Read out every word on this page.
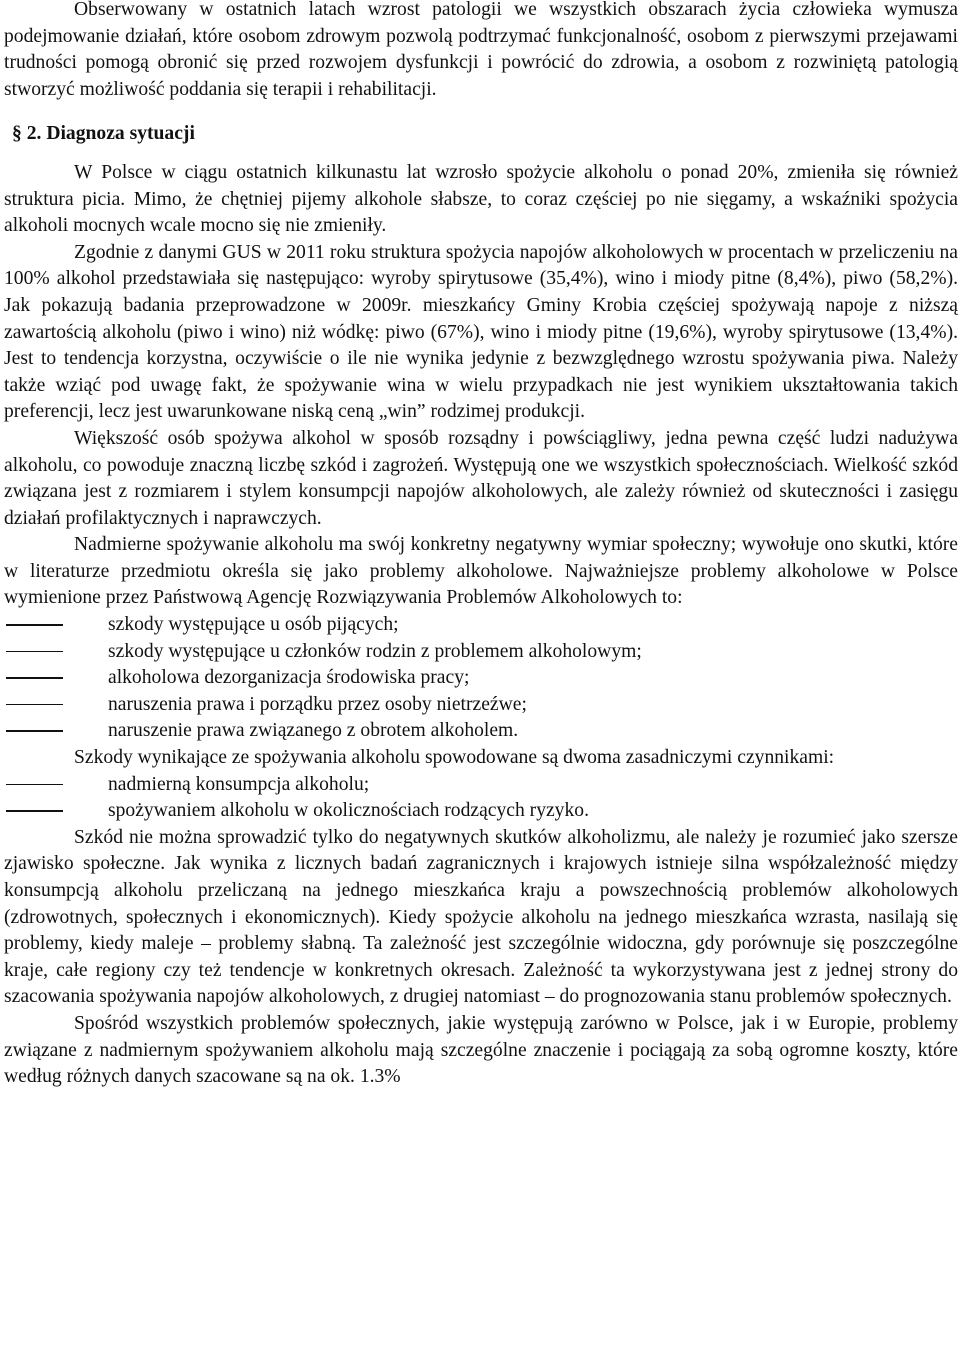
Obserwowany w ostatnich latach wzrost patologii we wszystkich obszarach życia człowieka wymusza podejmowanie działań, które osobom zdrowym pozwolą podtrzymać funkcjonalność, osobom z pierwszymi przejawami trudności pomogą obronić się przed rozwojem dysfunkcji i powrócić do zdrowia, a osobom z rozwiniętą patologią stworzyć możliwość poddania się terapii i rehabilitacji.

§ 2. Diagnoza sytuacji

W Polsce w ciągu ostatnich kilkunastu lat wzrosło spożycie alkoholu o ponad 20%, zmieniła się również struktura picia. Mimo, że chętniej pijemy alkohole słabsze, to coraz częściej po nie sięgamy, a wskaźniki spożycia alkoholi mocnych wcale mocno się nie zmieniły.

Zgodnie z danymi GUS w 2011 roku struktura spożycia napojów alkoholowych w procentach w przeliczeniu na 100% alkohol przedstawiała się następująco: wyroby spirytusowe (35,4%), wino i miody pitne (8,4%), piwo (58,2%). Jak pokazują badania przeprowadzone w 2009r. mieszkańcy Gminy Krobia częściej spożywają napoje z niższą zawartością alkoholu (piwo i wino) niż wódkę: piwo (67%), wino i miody pitne (19,6%), wyroby spirytusowe (13,4%). Jest to tendencja korzystna, oczywiście o ile nie wynika jedynie z bezwzględnego wzrostu spożywania piwa. Należy także wziąć pod uwagę fakt, że spożywanie wina w wielu przypadkach nie jest wynikiem ukształtowania takich preferencji, lecz jest uwarunkowane niską ceną „win” rodzimej produkcji.

Większość osób spożywa alkohol w sposób rozsądny i powściągliwy, jedna pewna część ludzi nadużywa alkoholu, co powoduje znaczną liczbę szkód i zagrożeń. Występują one we wszystkich społecznościach. Wielkość szkód związana jest z rozmiarem i stylem konsumpcji napojów alkoholowych, ale zależy również od skuteczności i zasięgu działań profilaktycznych i naprawczych.

Nadmierne spożywanie alkoholu ma swój konkretny negatywny wymiar społeczny; wywołuje ono skutki, które w literaturze przedmiotu określa się jako problemy alkoholowe. Najważniejsze problemy alkoholowe w Polsce wymienione przez Państwową Agencję Rozwiązywania Problemów Alkoholowych to:

szkody występujące u osób pijących;
szkody występujące u członków rodzin z problemem alkoholowym;
alkoholowa dezorganizacja środowiska pracy;
naruszenia prawa i porządku przez osoby nietrzeźwe;
naruszenie prawa związanego z obrotem alkoholem.

Szkody wynikające ze spożywania alkoholu spowodowane są dwoma zasadniczymi czynnikami:

nadmierną konsumpcja alkoholu;
spożywaniem alkoholu w okolicznościach rodzących ryzyko.

Szkód nie można sprowadzić tylko do negatywnych skutków alkoholizmu, ale należy je rozumieć jako szersze zjawisko społeczne. Jak wynika z licznych badań zagranicznych i krajowych istnieje silna współzależność między konsumpcją alkoholu przeliczaną na jednego mieszkańca kraju a powszechnością problemów alkoholowych (zdrowotnych, społecznych i ekonomicznych). Kiedy spożycie alkoholu na jednego mieszkańca wzrasta, nasilają się problemy, kiedy maleje – problemy słabną. Ta zależność jest szczególnie widoczna, gdy porównuje się poszczególne kraje, całe regiony czy też tendencje w konkretnych okresach. Zależność ta wykorzystywana jest z jednej strony do szacowania spożywania napojów alkoholowych, z drugiej natomiast – do prognozowania stanu problemów społecznych.

Spośród wszystkich problemów społecznych, jakie występują zarówno w Polsce, jak i w Europie, problemy związane z nadmiernym spożywaniem alkoholu mają szczególne znaczenie i pociągają za sobą ogromne koszty, które według różnych danych szacowane są na ok. 1.3%
